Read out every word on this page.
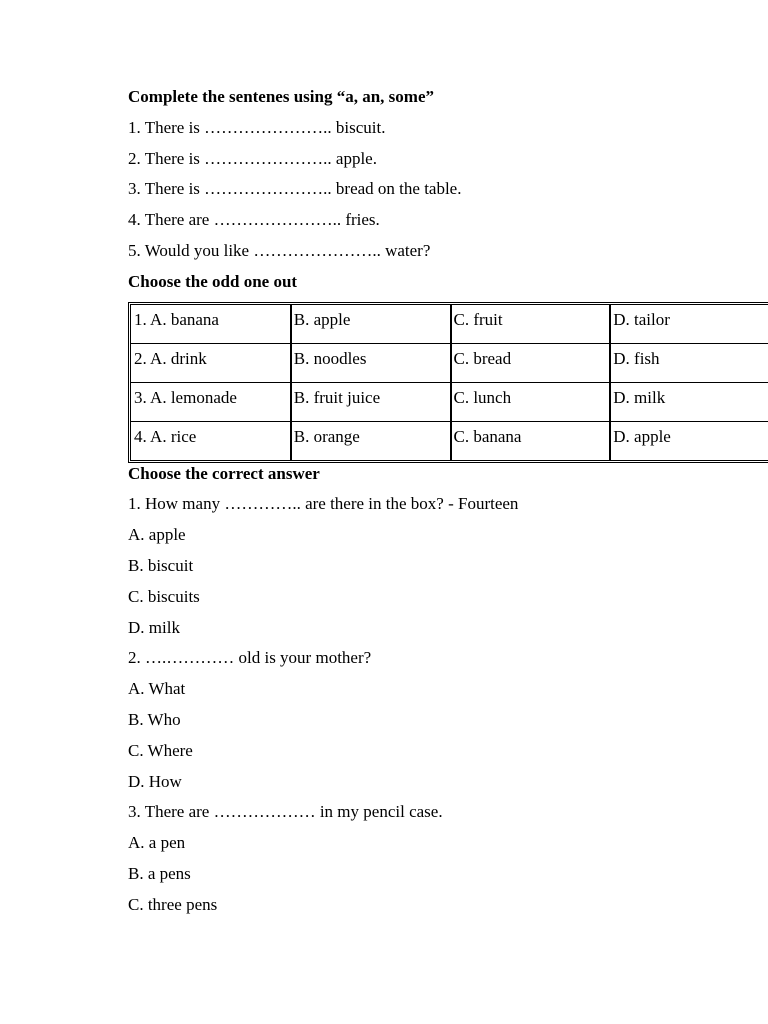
Complete the sentenes using “a, an, some”
1. There is ………………….. biscuit.
2. There is ………………….. apple.
3. There is ………………….. bread on the table.
4. There are ………………….. fries.
5. Would you like ………………….. water?
Choose the odd one out
1. A. banana	B. apple	C. fruit	D. tailor
2. A. drink	B. noodles	C. bread	D. fish
3. A. lemonade	B. fruit juice	C. lunch	D. milk
4. A. rice	B. orange	C. banana	D. apple
Choose the correct answer
1. How many ………….. are there in the box? - Fourteen
A. apple
B. biscuit
C. biscuits
D. milk
2. ….………… old is your mother?
A. What
B. Who
C. Where
D. How
3. There are ……………… in my pencil case.
A. a pen
B. a pens
C. three pens
